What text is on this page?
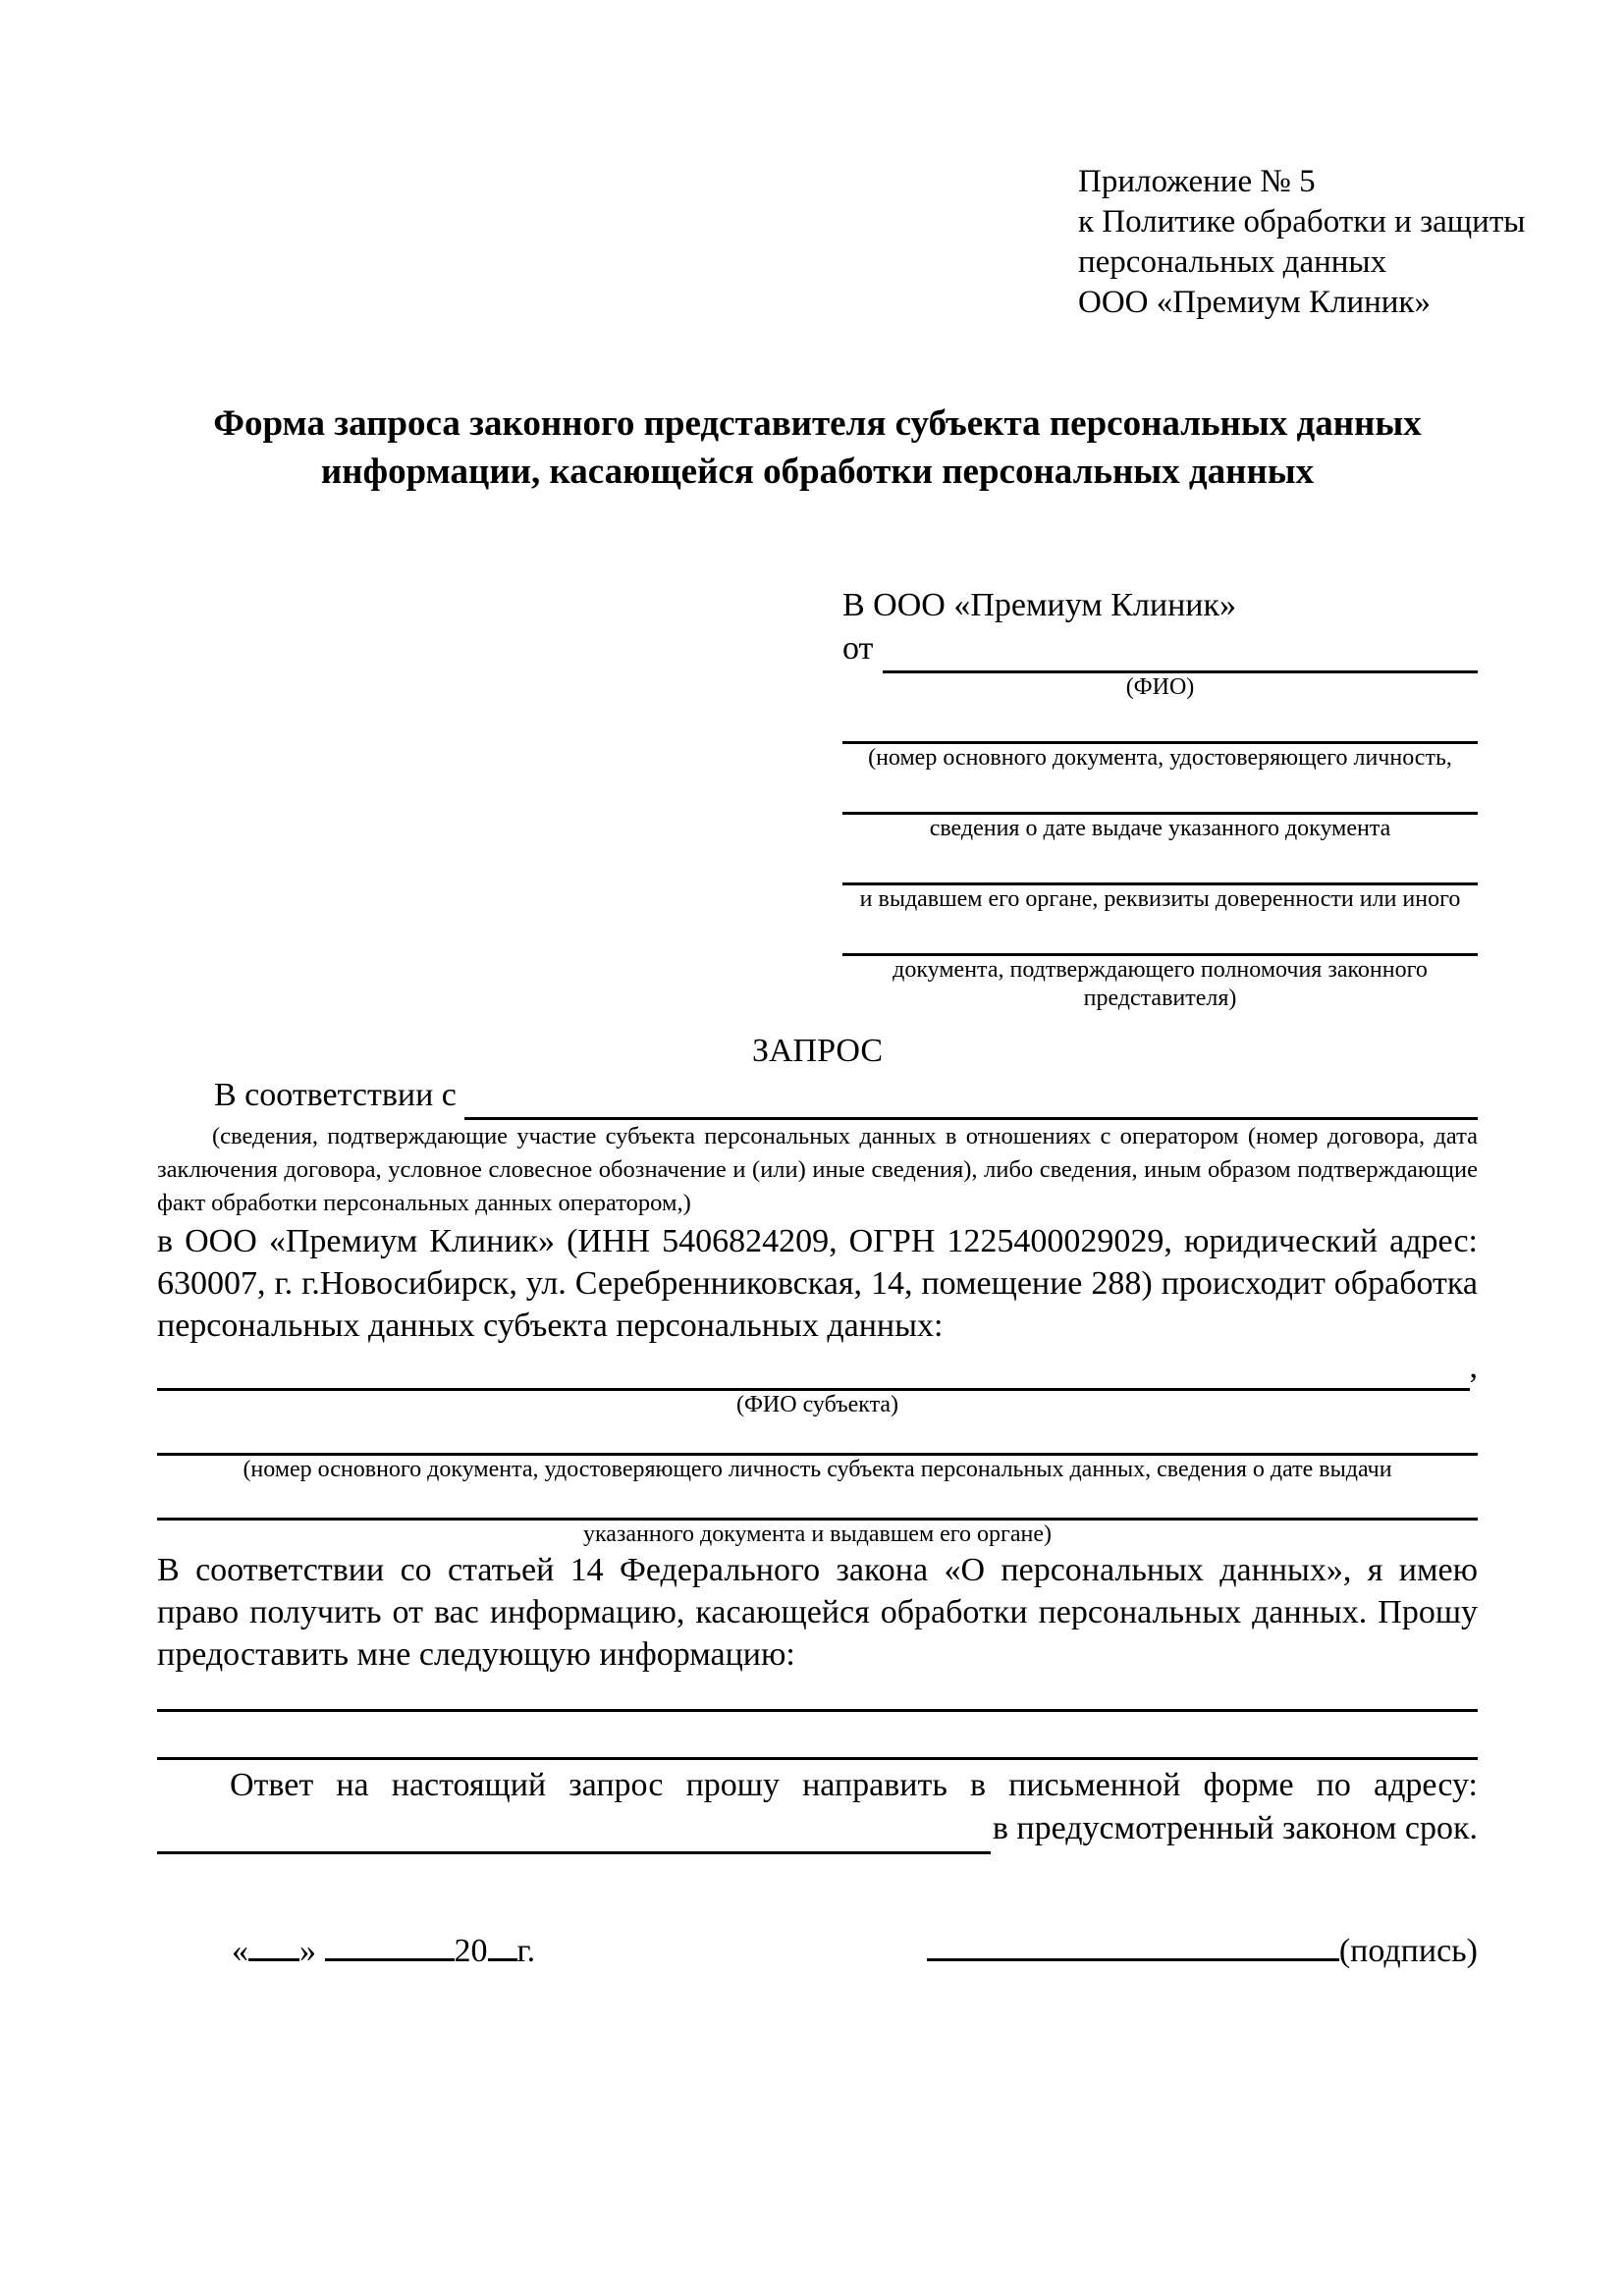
Приложение № 5
к Политике обработки и защиты
персональных данных
ООО «Премиум Клиник»
Форма запроса законного представителя субъекта персональных данных информации, касающейся обработки персональных данных
В ООО «Премиум Клиник»
от

(ФИО)
(номер основного документа, удостоверяющего личность,
сведения о дате выдаче указанного документа
и выдавшем его органе, реквизиты доверенности или иного
документа, подтверждающего полномочия законного представителя)
ЗАПРОС
В соответствии с

(сведения, подтверждающие участие субъекта персональных данных в отношениях с оператором (номер договора, дата заключения договора, условное словесное обозначение и (или) иные сведения), либо сведения, иным образом подтверждающие факт обработки персональных данных оператором,)
в ООО «Премиум Клиник» (ИНН 5406824209, ОГРН 1225400029029, юридический адрес: 630007, г. г.Новосибирск, ул. Серебренниковская, 14, помещение 288) происходит обработка персональных данных субъекта персональных данных:

,
(ФИО субъекта)
(номер основного документа, удостоверяющего личность субъекта персональных данных, сведения о дате выдачи
указанного документа и выдавшем его органе)
В соответствии со статьей 14 Федерального закона «О персональных данных», я имею право получить от вас информацию, касающейся обработки персональных данных. Прошу предоставить мне следующую информацию:
Ответ на настоящий запрос прошу направить в письменной форме по адресу:

в предусмотренный законом срок.
« »	20 г.	(подпись)
